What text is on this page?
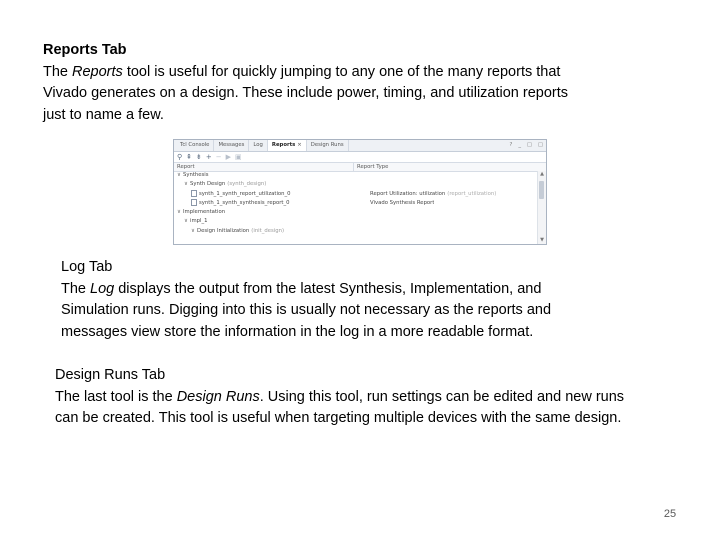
Reports Tab
The Reports tool is useful for quickly jumping to any one of the many reports that
Vivado generates on a design. These include power, timing, and utilization reports
just to name a few.
Tcl Console	Messages	Log	Reports ×	Design Runs	?	_	□	□
⚲ ⇞ ⇟ + − ▶ ▣
Report	Report Type
∨ Synthesis
∨ Synth Design (synth_design)
synth_1_synth_report_utilization_0	Report Utilization: utilization (report_utilization)
synth_1_synth_synthesis_report_0	Vivado Synthesis Report
∨ Implementation
∨ impl_1
∨ Design Initialization (init_design)
▲
▼
Log Tab
The Log displays the output from the latest Synthesis, Implementation, and
Simulation runs. Digging into this is usually not necessary as the reports and
messages view store the information in the log in a more readable format.
Design Runs Tab
The last tool is the Design Runs. Using this tool, run settings can be edited and new runs
can be created. This tool is useful when targeting multiple devices with the same design.
25
